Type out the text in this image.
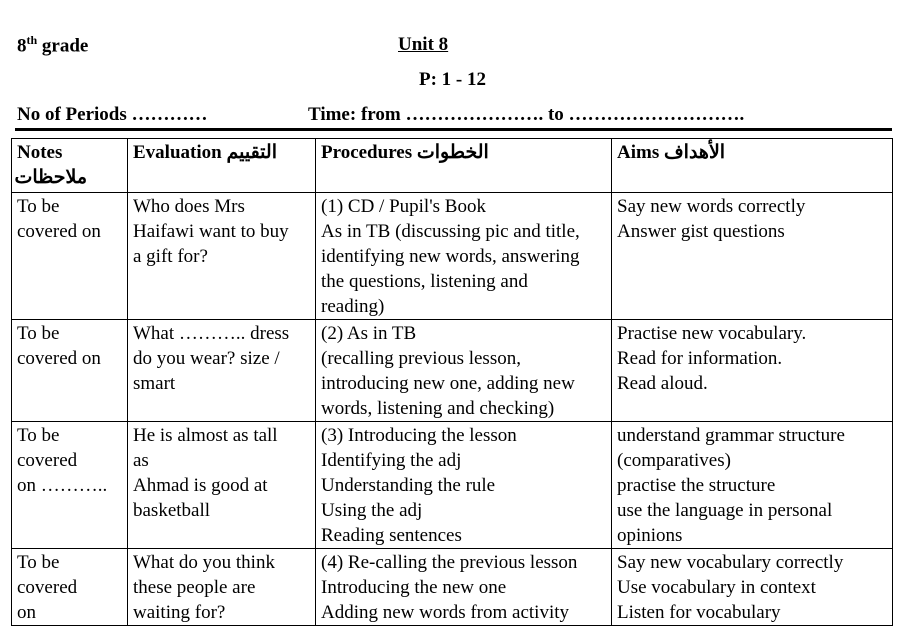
8th grade	Unit 8
P: 1 - 12
No of Periods …………	Time: from …………………. to ……………………….
Notes
ملاحظات	Evaluation التقييم	Procedures الخطوات	Aims الأهداف

To be
covered on	Who does Mrs
Haifawi want to buy
a gift for?	(1) CD / Pupil's Book
As in TB (discussing pic and title,
identifying new words, answering
the questions, listening and
reading)	Say new words correctly
Answer gist questions

To be
covered on	What ……….. dress
do you wear? size /
smart	(2) As in TB
(recalling previous lesson,
introducing new one, adding new
words, listening and checking)	Practise new vocabulary.
Read for information.
Read aloud.

To be
covered
on ………..	He is almost as tall
as
Ahmad is good at
basketball	(3) Introducing the lesson
Identifying the adj
Understanding the rule
Using the adj
Reading sentences	understand grammar structure
(comparatives)
practise the structure
use the language in personal
opinions

To be
covered
on	What do you think
these people are
waiting for?	(4) Re-calling the previous lesson
Introducing the new one
Adding new words from activity	Say new vocabulary correctly
Use vocabulary in context
Listen for vocabulary
